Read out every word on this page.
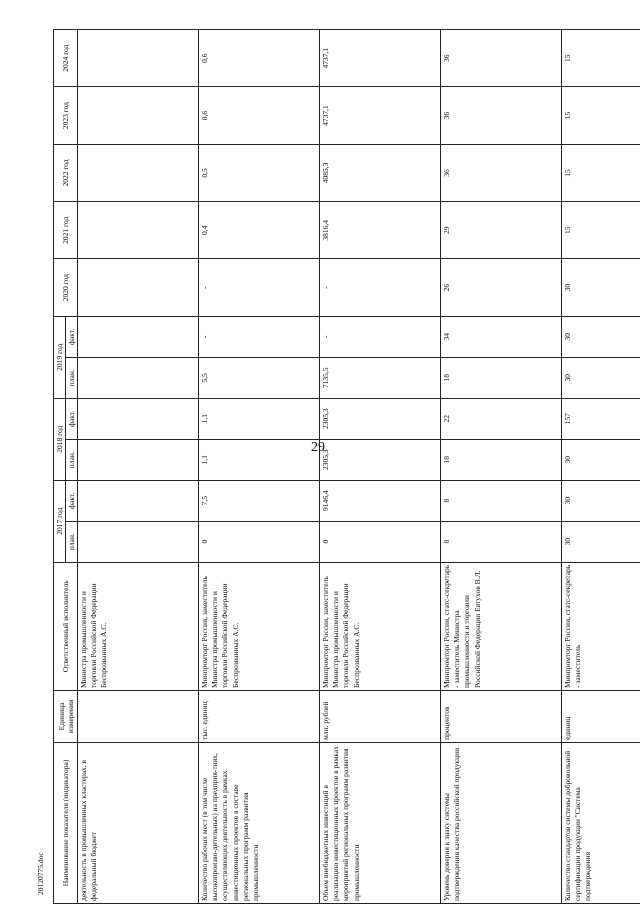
29
20120775.doc Наименование показателя (индикатора)	Единица измерения	Ответственный исполнитель	2017 год		2018 год		2019 год		2020 год	2021 год	2022 год	2023 год	2024 год
			план.	факт.	план.	факт.	план.	факт.					
деятельность в промышленных кластерах, в федеральный бюджет		Министра промышленности и торговли Российской Федерации Беспрозванных А.С.											
Количество рабочих мест (в том числе высокопроизво-дительных) на предприя-тиях, осуществляющих деятельность в рамках инвестиционных проектов в составе региональных программ развития промышленности	тыс. единиц	Минпромторг России, заместитель Министра промышленности и торговли Российской Федерации Беспрозванных А.С.	0	7,5	1,1	1,1	5,5	-	-	0,4	0,5	0,6	0,6
Объем внебюджетных инвестиций в реализацию инвестиционных проектов в рамках мероприятий региональных программ развития промышленности	млн. рублей	Минпромторг России, заместитель Министра промышленности и торговли Российской Федерации Беспрозванных А.С.	0	9146,4	2305,3	2305,3	7135,5	-	-	3816,4	4085,3	4737,1	4737,1
Уровень доверия к знаку системы подтверждения качества российской продукции	процентов	Минпромторг России, статс-секретарь - заместитель Министра промышленности и торговли Российской Федерации Евтухов В.Л.	8	8	18	22	18	34	26	29	36	36	36
Количество стандартов системы добровольной сертификации продукции "Система подтверждения	единиц	Минпромторг России, статс-секретарь - заместитель	30	30	30	157	30	30	30	15	15	15	15
